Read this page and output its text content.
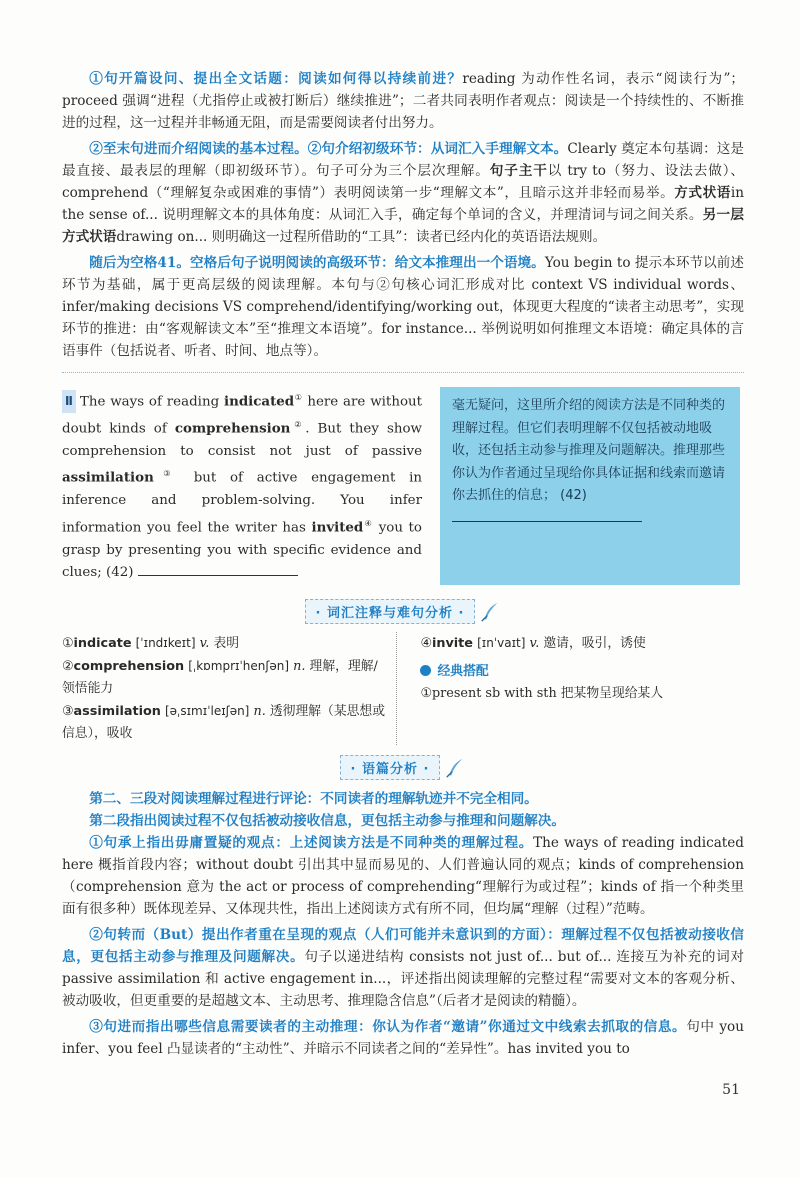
①句开篇设问、提出全文话题：阅读如何得以持续前进？reading 为动作性名词，表示“阅读行为”；proceed 强调“进程（尤指停止或被打断后）继续推进”；二者共同表明作者观点：阅读是一个持续性的、不断推进的过程，这一过程并非畅通无阻，而是需要阅读者付出努力。

②至末句进而介绍阅读的基本过程。②句介绍初级环节：从词汇入手理解文本。Clearly 奠定本句基调：这是最直接、最表层的理解（即初级环节）。句子可分为三个层次理解。句子主干以 try to（努力、设法去做）、comprehend（“理解复杂或困难的事情”）表明阅读第一步“理解文本”，且暗示这并非轻而易举。方式状语in the sense of... 说明理解文本的具体角度：从词汇入手，确定每个单词的含义，并理清词与词之间关系。另一层方式状语drawing on... 则明确这一过程所借助的“工具”：读者已经内化的英语语法规则。

随后为空格41。空格后句子说明阅读的高级环节：给文本推理出一个语境。You begin to 提示本环节以前述环节为基础，属于更高层级的阅读理解。本句与②句核心词汇形成对比 context VS individual words、infer/making decisions VS comprehend/identifying/working out，体现更大程度的“读者主动思考”，实现环节的推进：由“客观解读文本”至“推理文本语境”。for instance... 举例说明如何推理文本语境：确定具体的言语事件（包括说者、听者、时间、地点等）。

Ⅱ The ways of reading indicated① here are without doubt kinds of comprehension②. But they show comprehension to consist not just of passive assimilation③ but of active engagement in inference and problem-solving. You infer information you feel the writer has invited④ you to grasp by presenting you with specific evidence and clues; (42)
毫无疑问，这里所介绍的阅读方法是不同种类的理解过程。但它们表明理解不仅包括被动地吸收，还包括主动参与推理及问题解决。推理那些你认为作者通过呈现给你具体证据和线索而邀请你去抓住的信息； (42)
· 词汇注释与难句分析 ·
①indicate [ˈɪndɪkeɪt] v. 表明
②comprehension [ˌkɒmprɪˈhenʃən] n. 理解，理解/领悟能力
③assimilation [əˌsɪmɪˈleɪʃən] n. 透彻理解（某思想或信息），吸收
④invite [ɪnˈvaɪt] v. 邀请，吸引，诱使
经典搭配
①present sb with sth 把某物呈现给某人
· 语篇分析 ·

第二、三段对阅读理解过程进行评论：不同读者的理解轨迹并不完全相同。

第二段指出阅读过程不仅包括被动接收信息，更包括主动参与推理和问题解决。

①句承上指出毋庸置疑的观点：上述阅读方法是不同种类的理解过程。The ways of reading indicated here 概指首段内容；without doubt 引出其中显而易见的、人们普遍认同的观点；kinds of comprehension（comprehension 意为 the act or process of comprehending“理解行为或过程”；kinds of 指一个种类里面有很多种）既体现差异、又体现共性，指出上述阅读方式有所不同，但均属“理解（过程）”范畴。

②句转而（But）提出作者重在呈现的观点（人们可能并未意识到的方面）：理解过程不仅包括被动接收信息，更包括主动参与推理及问题解决。句子以递进结构 consists not just of... but of... 连接互为补充的词对 passive assimilation 和 active engagement in...，评述指出阅读理解的完整过程“需要对文本的客观分析、被动吸收，但更重要的是超越文本、主动思考、推理隐含信息”（后者才是阅读的精髓）。

③句进而指出哪些信息需要读者的主动推理：你认为作者“邀请”你通过文中线索去抓取的信息。句中 you infer、you feel 凸显读者的“主动性”、并暗示不同读者之间的“差异性”。has invited you to

51
